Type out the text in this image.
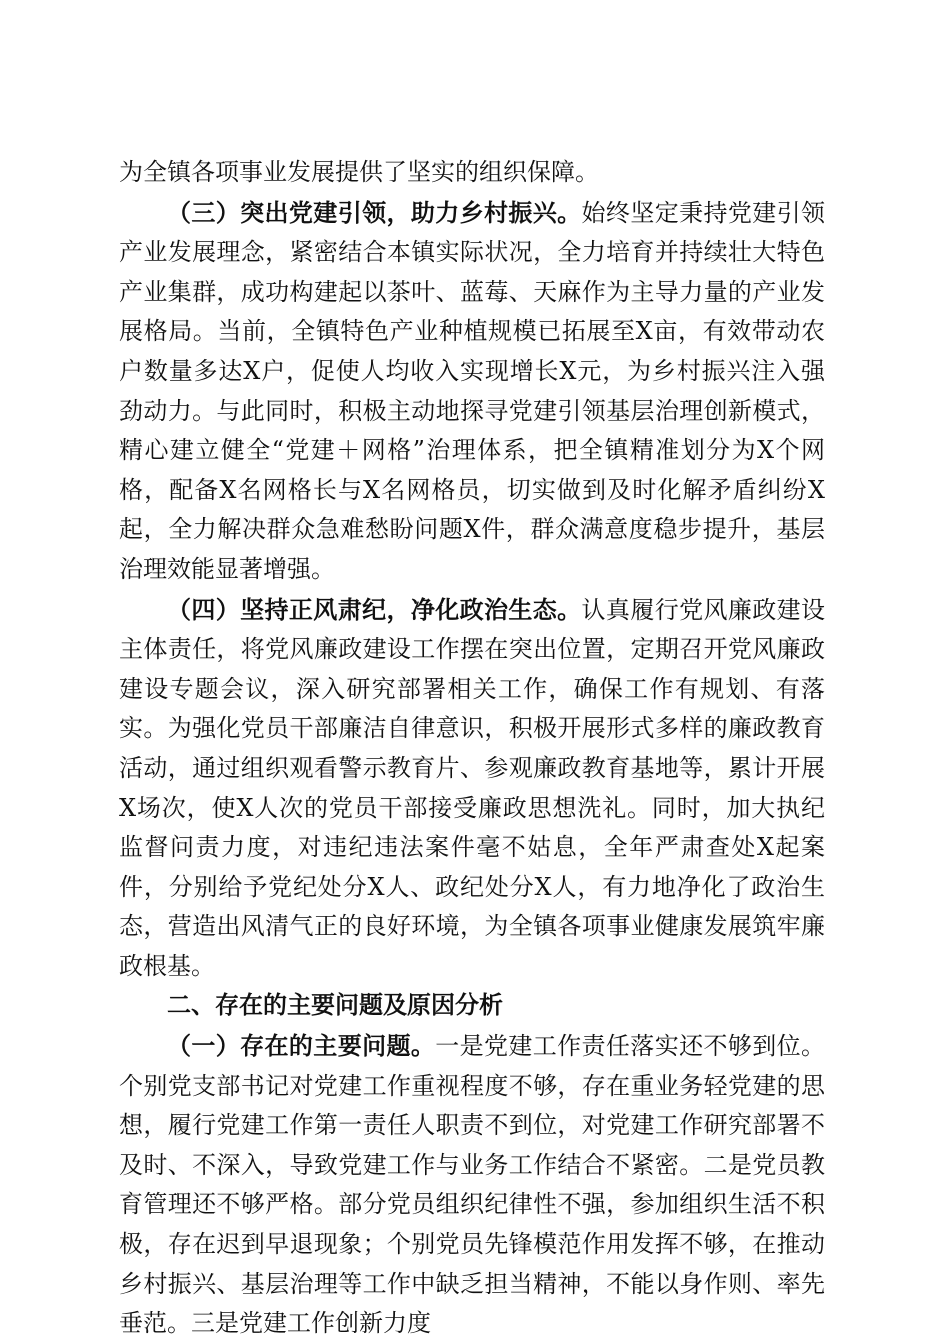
为全镇各项事业发展提供了坚实的组织保障。

（三）突出党建引领，助力乡村振兴。始终坚定秉持党建引领产业发展理念，紧密结合本镇实际状况，全力培育并持续壮大特色产业集群，成功构建起以茶叶、蓝莓、天麻作为主导力量的产业发展格局。当前，全镇特色产业种植规模已拓展至X亩，有效带动农户数量多达X户，促使人均收入实现增长X元，为乡村振兴注入强劲动力。与此同时，积极主动地探寻党建引领基层治理创新模式，精心建立健全“党建＋网格”治理体系，把全镇精准划分为X个网格，配备X名网格长与X名网格员，切实做到及时化解矛盾纠纷X起，全力解决群众急难愁盼问题X件，群众满意度稳步提升，基层治理效能显著增强。

（四）坚持正风肃纪，净化政治生态。认真履行党风廉政建设主体责任，将党风廉政建设工作摆在突出位置，定期召开党风廉政建设专题会议，深入研究部署相关工作，确保工作有规划、有落实。为强化党员干部廉洁自律意识，积极开展形式多样的廉政教育活动，通过组织观看警示教育片、参观廉政教育基地等，累计开展X场次，使X人次的党员干部接受廉政思想洗礼。同时，加大执纪监督问责力度，对违纪违法案件毫不姑息，全年严肃查处X起案件，分别给予党纪处分X人、政纪处分X人，有力地净化了政治生态，营造出风清气正的良好环境，为全镇各项事业健康发展筑牢廉政根基。

二、存在的主要问题及原因分析

（一）存在的主要问题。一是党建工作责任落实还不够到位。个别党支部书记对党建工作重视程度不够，存在重业务轻党建的思想，履行党建工作第一责任人职责不到位，对党建工作研究部署不及时、不深入，导致党建工作与业务工作结合不紧密。二是党员教育管理还不够严格。部分党员组织纪律性不强，参加组织生活不积极，存在迟到早退现象；个别党员先锋模范作用发挥不够，在推动乡村振兴、基层治理等工作中缺乏担当精神，不能以身作则、率先垂范。三是党建工作创新力度
